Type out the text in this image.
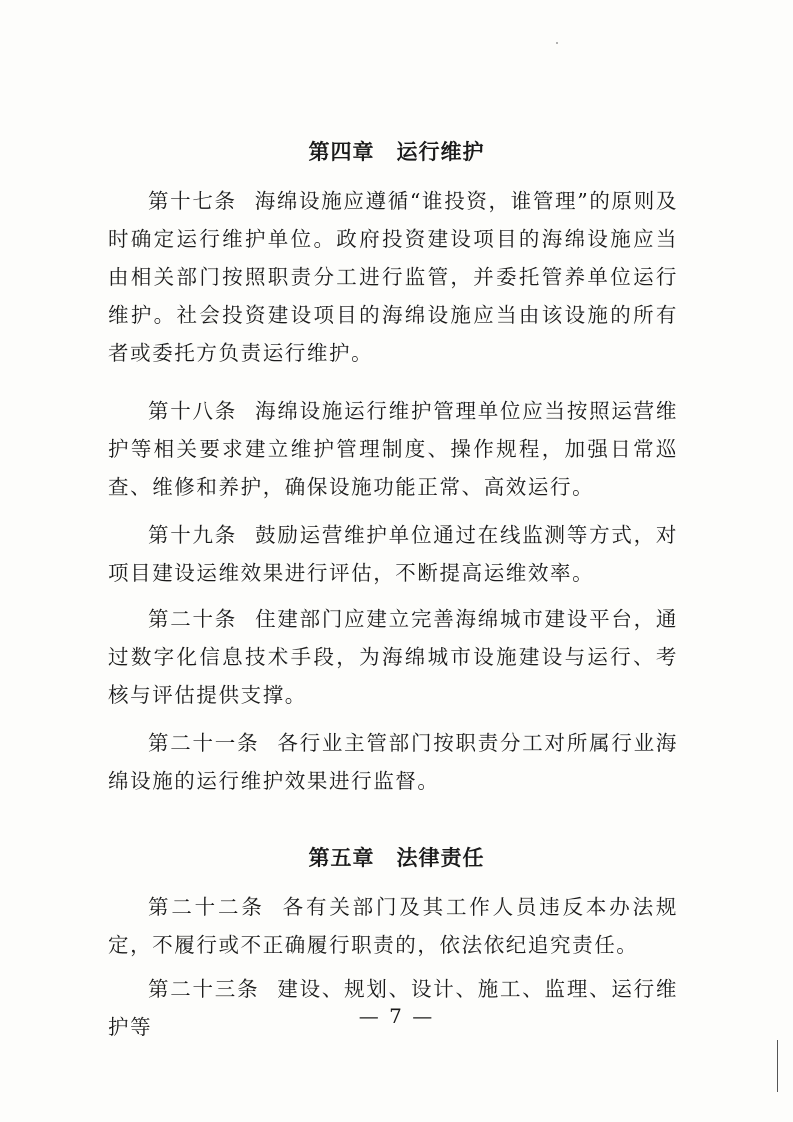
第四章 运行维护

第十七条 海绵设施应遵循“谁投资，谁管理”的原则及时确定运行维护单位。政府投资建设项目的海绵设施应当由相关部门按照职责分工进行监管，并委托管养单位运行维护。社会投资建设项目的海绵设施应当由该设施的所有者或委托方负责运行维护。

第十八条 海绵设施运行维护管理单位应当按照运营维护等相关要求建立维护管理制度、操作规程，加强日常巡查、维修和养护，确保设施功能正常、高效运行。

第十九条 鼓励运营维护单位通过在线监测等方式，对项目建设运维效果进行评估，不断提高运维效率。

第二十条 住建部门应建立完善海绵城市建设平台，通过数字化信息技术手段，为海绵城市设施建设与运行、考核与评估提供支撑。

第二十一条 各行业主管部门按职责分工对所属行业海绵设施的运行维护效果进行监督。

第五章 法律责任

第二十二条 各有关部门及其工作人员违反本办法规定，不履行或不正确履行职责的，依法依纪追究责任。

第二十三条 建设、规划、设计、施工、监理、运行维护等	— 7 —
